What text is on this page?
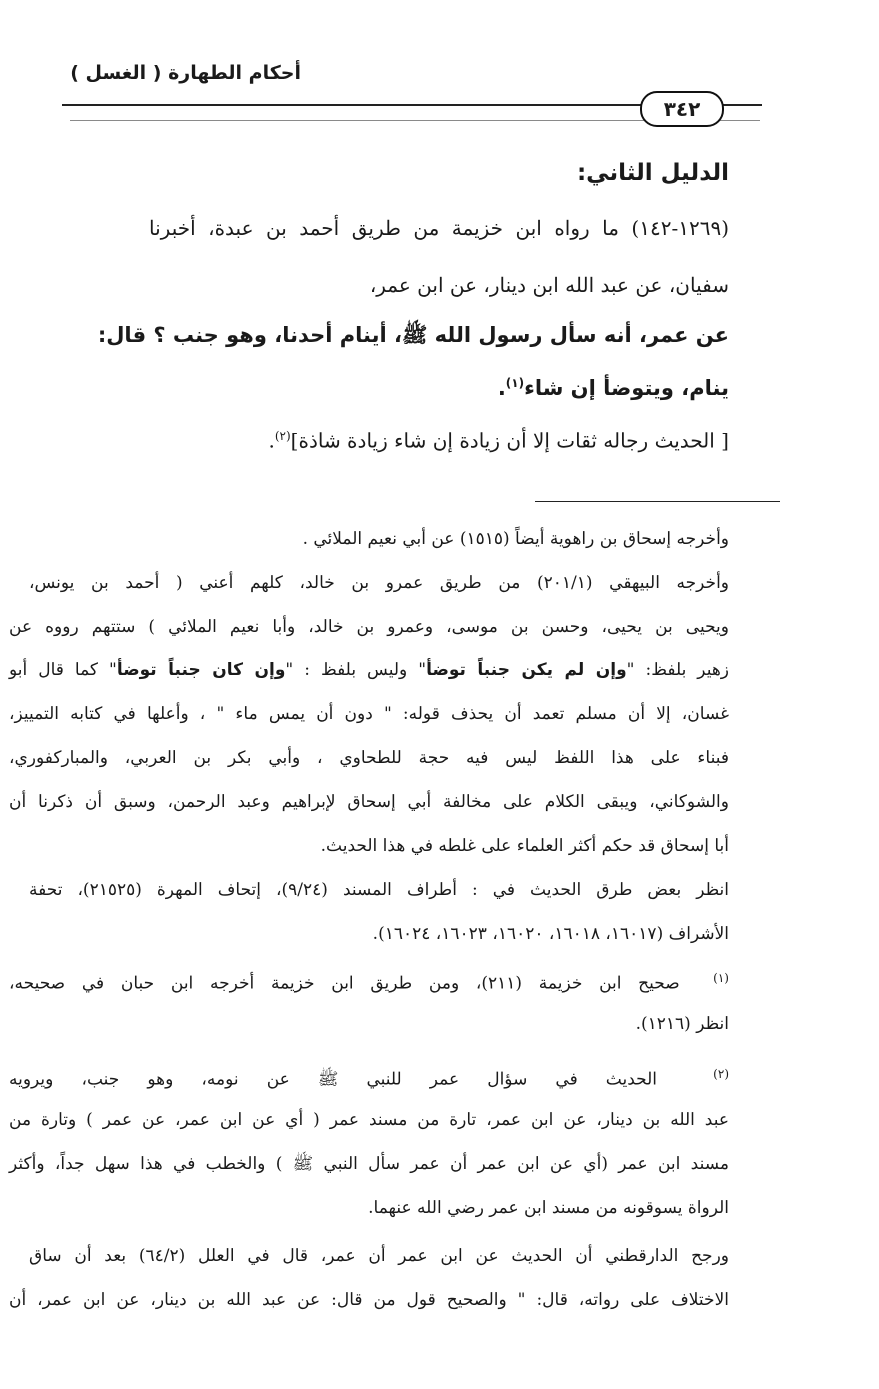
أحكام الطهارة ( الغسل )
٣٤٢
الدليل الثاني:
(١٢٦٩-١٤٢) ما رواه ابن خزيمة من طريق أحمد بن عبدة، أخبرنا
سفيان، عن عبد الله ابن دينار، عن ابن عمر،
عن عمر، أنه سأل رسول الله ﷺ، أينام أحدنا، وهو جنب ؟ قال:
ينام، ويتوضأ إن شاء$^{(١)}$.
[ الحديث رجاله ثقات إلا أن زيادة إن شاء زيادة شاذة]$^{(٢)}$.
وأخرجه إسحاق بن راهوية أيضاً (١٥١٥) عن أبي نعيم الملائي .
وأخرجه البيهقي (٢٠١/١) من طريق عمرو بن خالد، كلهم أعني ( أحمد بن يونس،
ويحيى بن يحيى، وحسن بن موسى، وعمرو بن خالد، وأبا نعيم الملائي ) ستتهم رووه عن
زهير بلفظ: "وإن لم يكن جنباً توضأ" وليس بلفظ : "وإن كان جنباً توضأ" كما قال أبو
غسان، إلا أن مسلم تعمد أن يحذف قوله: " دون أن يمس ماء " ، وأعلها في كتابه التمييز،
فبناء على هذا اللفظ ليس فيه حجة للطحاوي ، وأبي بكر بن العربي، والمباركفوري،
والشوكاني، ويبقى الكلام على مخالفة أبي إسحاق لإبراهيم وعبد الرحمن، وسبق أن ذكرنا أن
أبا إسحاق قد حكم أكثر العلماء على غلطه في هذا الحديث.
انظر بعض طرق الحديث في : أطراف المسند (٩/٢٤)، إتحاف المهرة (٢١٥٢٥)، تحفة
الأشراف (١٦٠١٧، ١٦٠١٨، ١٦٠٢٠، ١٦٠٢٣، ١٦٠٢٤).
$^{(١)}$  صحيح ابن خزيمة (٢١١)، ومن طريق ابن خزيمة أخرجه ابن حبان في صحيحه،
انظر (١٢١٦).
$^{(٢)}$  الحديث في سؤال عمر للنبي ﷺ عن نومه، وهو جنب، ويرويه
عبد الله بن دينار، عن ابن عمر، تارة من مسند عمر ( أي عن ابن عمر، عن عمر ) وتارة من
مسند ابن عمر (أي عن ابن عمر أن عمر سأل النبي ﷺ ) والخطب في هذا سهل جداً، وأكثر
الرواة يسوقونه من مسند ابن عمر رضي الله عنهما.
ورجح الدارقطني أن الحديث عن ابن عمر أن عمر، قال في العلل (٦٤/٢) بعد أن ساق
الاختلاف على رواته، قال: " والصحيح قول من قال: عن عبد الله بن دينار، عن ابن عمر، أن
